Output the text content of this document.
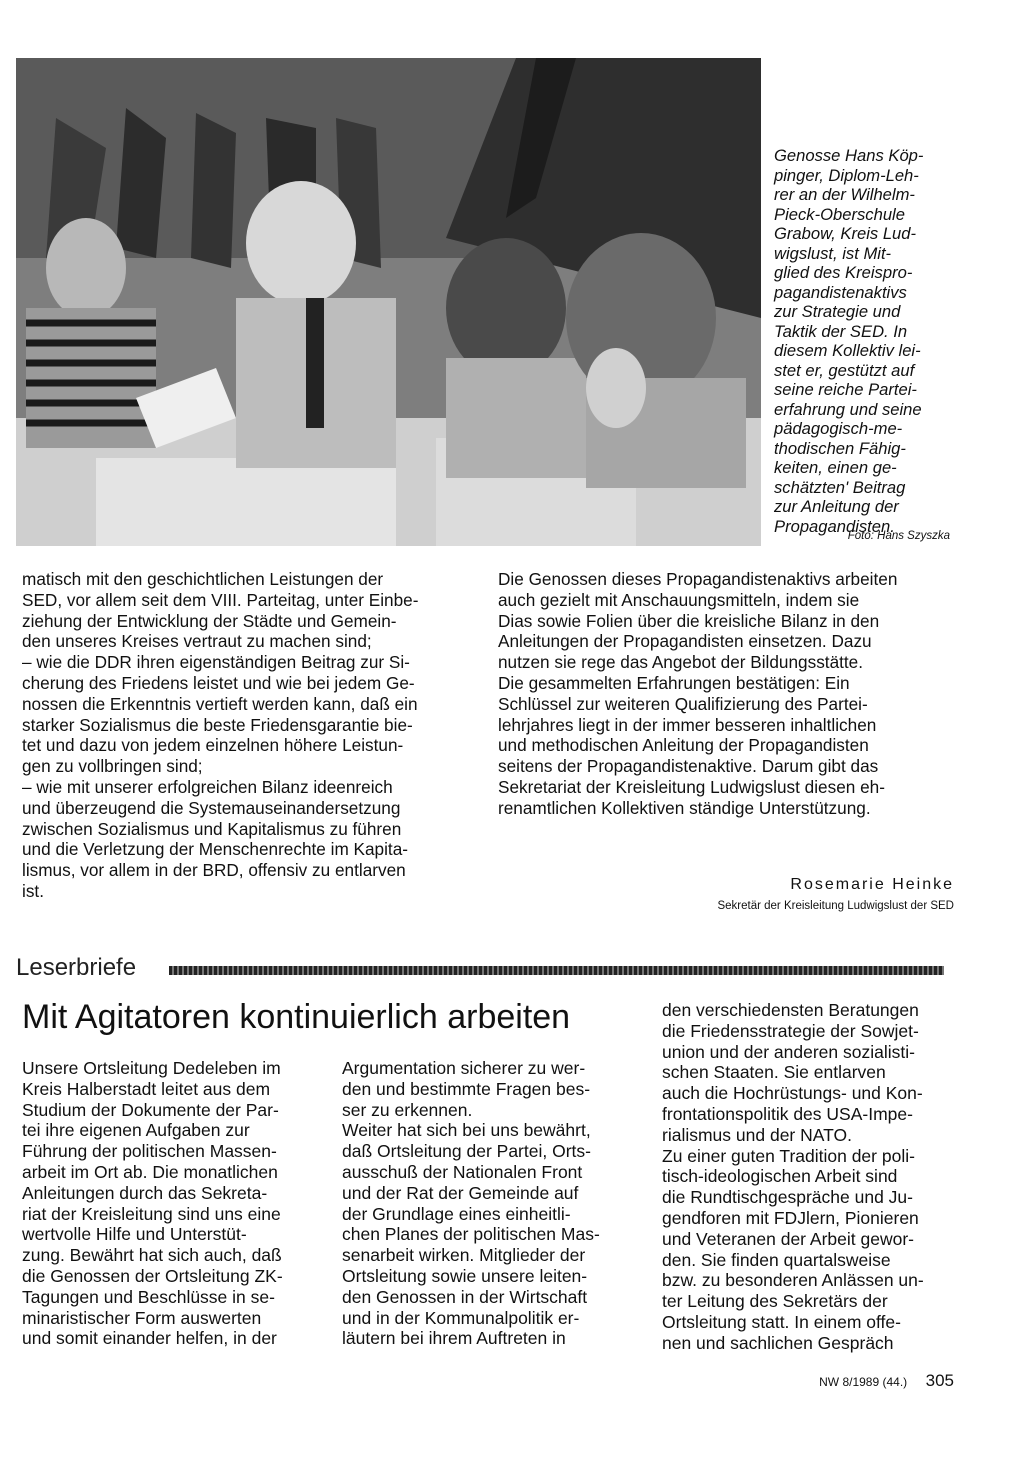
Genosse Hans Köp-
pinger, Diplom-Leh-
rer an der Wilhelm-
Pieck-Oberschule
Grabow, Kreis Lud-
wigslust, ist Mit-
glied des Kreispro-
pagandistenaktivs
zur Strategie und
Taktik der SED. In
diesem Kollektiv lei-
stet er, gestützt auf
seine reiche Partei-
erfahrung und seine
pädagogisch-me-
thodischen Fähig-
keiten, einen ge-
schätzten' Beitrag
zur Anleitung der
Propagandisten.

Foto: Hans Szyszka

matisch mit den geschichtlichen Leistungen der
SED, vor allem seit dem VIII. Parteitag, unter Einbe-
ziehung der Entwicklung der Städte und Gemein-
den unseres Kreises vertraut zu machen sind;
– wie die DDR ihren eigenständigen Beitrag zur Si-
cherung des Friedens leistet und wie bei jedem Ge-
nossen die Erkenntnis vertieft werden kann, daß ein
starker Sozialismus die beste Friedensgarantie bie-
tet und dazu von jedem einzelnen höhere Leistun-
gen zu vollbringen sind;
– wie mit unserer erfolgreichen Bilanz ideenreich
und überzeugend die Systemauseinandersetzung
zwischen Sozialismus und Kapitalismus zu führen
und die Verletzung der Menschenrechte im Kapita-
lismus, vor allem in der BRD, offensiv zu entlarven
ist.

Die Genossen dieses Propagandistenaktivs arbeiten
auch gezielt mit Anschauungsmitteln, indem sie
Dias sowie Folien über die kreisliche Bilanz in den
Anleitungen der Propagandisten einsetzen. Dazu
nutzen sie rege das Angebot der Bildungsstätte.
Die gesammelten Erfahrungen bestätigen: Ein
Schlüssel zur weiteren Qualifizierung des Partei-
lehrjahres liegt in der immer besseren inhaltlichen
und methodischen Anleitung der Propagandisten
seitens der Propagandistenaktive. Darum gibt das
Sekretariat der Kreisleitung Ludwigslust diesen eh-
renamtlichen Kollektiven ständige Unterstützung.

Rosemarie Heinke
Sekretär der Kreisleitung Ludwigslust der SED
Leserbriefe
Mit Agitatoren kontinuierlich arbeiten

Unsere Ortsleitung Dedeleben im
Kreis Halberstadt leitet aus dem
Studium der Dokumente der Par-
tei ihre eigenen Aufgaben zur
Führung der politischen Massen-
arbeit im Ort ab. Die monatlichen
Anleitungen durch das Sekreta-
riat der Kreisleitung sind uns eine
wertvolle Hilfe und Unterstüt-
zung. Bewährt hat sich auch, daß
die Genossen der Ortsleitung ZK-
Tagungen und Beschlüsse in se-
minaristischer Form auswerten
und somit einander helfen, in der

Argumentation sicherer zu wer-
den und bestimmte Fragen bes-
ser zu erkennen.
Weiter hat sich bei uns bewährt,
daß Ortsleitung der Partei, Orts-
ausschuß der Nationalen Front
und der Rat der Gemeinde auf
der Grundlage eines einheitli-
chen Planes der politischen Mas-
senarbeit wirken. Mitglieder der
Ortsleitung sowie unsere leiten-
den Genossen in der Wirtschaft
und in der Kommunalpolitik er-
läutern bei ihrem Auftreten in

den verschiedensten Beratungen
die Friedensstrategie der Sowjet-
union und der anderen sozialisti-
schen Staaten. Sie entlarven
auch die Hochrüstungs- und Kon-
frontationspolitik des USA-Impe-
rialismus und der NATO.
Zu einer guten Tradition der poli-
tisch-ideologischen Arbeit sind
die Rundtischgespräche und Ju-
gendforen mit FDJlern, Pionieren
und Veteranen der Arbeit gewor-
den. Sie finden quartalsweise
bzw. zu besonderen Anlässen un-
ter Leitung des Sekretärs der
Ortsleitung statt. In einem offe-
nen und sachlichen Gespräch

NW 8/1989 (44.) 305
